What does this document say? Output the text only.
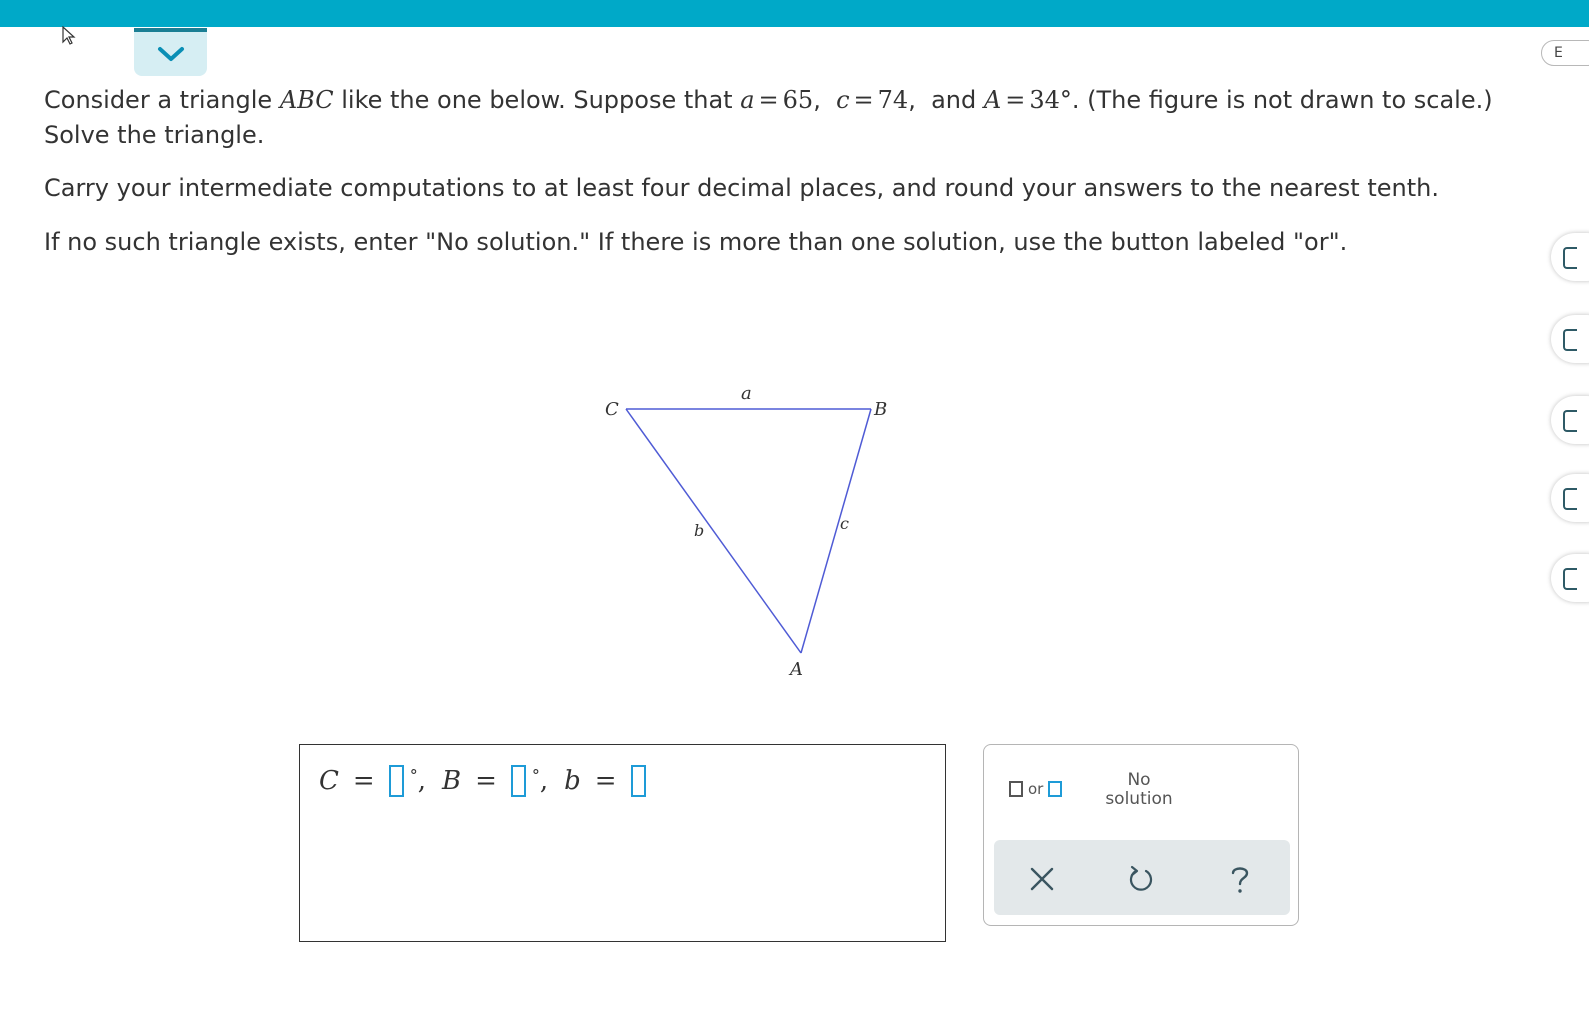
E

Consider a triangle ABC like the one below. Suppose that a = 65,  c = 74,  and A = 34°. (The figure is not drawn to scale.) Solve the triangle.

Carry your intermediate computations to at least four decimal places, and round your answers to the nearest tenth.

If no such triangle exists, enter "No solution." If there is more than one solution, use the button labeled "or".

C	B
A
a
b	c
C = ° , B = ° , b =	or	No solution
